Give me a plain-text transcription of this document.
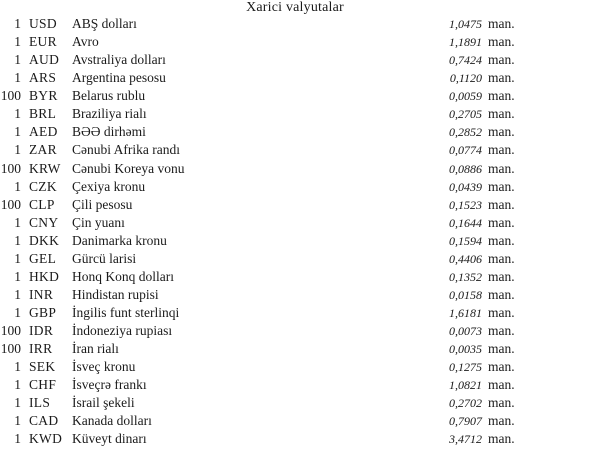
Xarici valyutalar
1 USD ABŞ dolları	1,0475 man.
1 EUR Avro	1,1891 man.
1 AUD Avstraliya dolları	0,7424 man.
1 ARS Argentina pesosu	0,1120 man.
100 BYR Belarus rublu	0,0059 man.
1 BRL Braziliya rialı	0,2705 man.
1 AED BƏƏ dirhəmi	0,2852 man.
1 ZAR Cənubi Afrika randı	0,0774 man.
100 KRW Cənubi Koreya vonu	0,0886 man.
1 CZK Çexiya kronu	0,0439 man.
100 CLP Çili pesosu	0,1523 man.
1 CNY Çin yuanı	0,1644 man.
1 DKK Danimarka kronu	0,1594 man.
1 GEL Gürcü larisi	0,4406 man.
1 HKD Honq Konq dolları	0,1352 man.
1 INR Hindistan rupisi	0,0158 man.
1 GBP İngilis funt sterlinqi	1,6181 man.
100 IDR İndoneziya rupiası	0,0073 man.
100 IRR İran rialı	0,0035 man.
1 SEK İsveç kronu	0,1275 man.
1 CHF İsveçrə frankı	1,0821 man.
1 ILS İsrail şekeli	0,2702 man.
1 CAD Kanada dolları	0,7907 man.
1 KWD Küveyt dinarı	3,4712 man.
